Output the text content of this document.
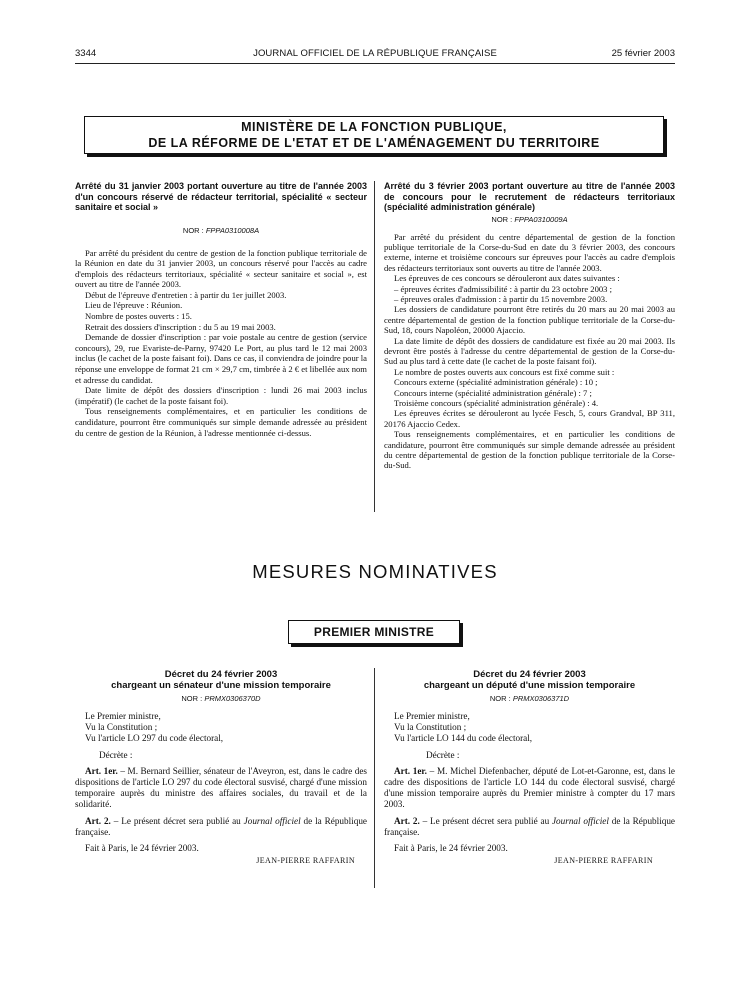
3344	JOURNAL OFFICIEL DE LA RÉPUBLIQUE FRANÇAISE	25 février 2003
MINISTÈRE DE LA FONCTION PUBLIQUE,
DE LA RÉFORME DE L'ETAT ET DE L'AMÉNAGEMENT DU TERRITOIRE
Arrêté du 31 janvier 2003 portant ouverture au titre de l'année 2003 d'un concours réservé de rédacteur territorial, spécialité « secteur sanitaire et social »
NOR : FPPA0310008A

Par arrêté du président du centre de gestion de la fonction publique territoriale de la Réunion en date du 31 janvier 2003, un concours réservé pour l'accès au cadre d'emplois des rédacteurs territoriaux, spécialité « secteur sanitaire et social », est ouvert au titre de l'année 2003.

Début de l'épreuve d'entretien : à partir du 1er juillet 2003.

Lieu de l'épreuve : Réunion.

Nombre de postes ouverts : 15.

Retrait des dossiers d'inscription : du 5 au 19 mai 2003.

Demande de dossier d'inscription : par voie postale au centre de gestion (service concours), 29, rue Evariste-de-Parny, 97420 Le Port, au plus tard le 12 mai 2003 inclus (le cachet de la poste faisant foi). Dans ce cas, il conviendra de joindre pour la réponse une enveloppe de format 21 cm × 29,7 cm, timbrée à 2 € et libellée aux nom et adresse du candidat.

Date limite de dépôt des dossiers d'inscription : lundi 26 mai 2003 inclus (impératif) (le cachet de la poste faisant foi).

Tous renseignements complémentaires, et en particulier les conditions de candidature, pourront être communiqués sur simple demande adressée au président du centre de gestion de la Réunion, à l'adresse mentionnée ci-dessus.

Arrêté du 3 février 2003 portant ouverture au titre de l'année 2003 de concours pour le recrutement de rédacteurs territoriaux (spécialité administration générale)
NOR : FPPA0310009A

Par arrêté du président du centre départemental de gestion de la fonction publique territoriale de la Corse-du-Sud en date du 3 février 2003, des concours externe, interne et troisième concours sur épreuves pour l'accès au cadre d'emplois des rédacteurs territoriaux sont ouverts au titre de l'année 2003.

Les épreuves de ces concours se dérouleront aux dates suivantes :

– épreuves écrites d'admissibilité : à partir du 23 octobre 2003 ;

– épreuves orales d'admission : à partir du 15 novembre 2003.

Les dossiers de candidature pourront être retirés du 20 mars au 20 mai 2003 au centre départemental de gestion de la fonction publique territoriale de la Corse-du-Sud, 18, cours Napoléon, 20000 Ajaccio.

La date limite de dépôt des dossiers de candidature est fixée au 20 mai 2003. Ils devront être postés à l'adresse du centre départemental de gestion de la Corse-du-Sud au plus tard à cette date (le cachet de la poste faisant foi).

Le nombre de postes ouverts aux concours est fixé comme suit :

Concours externe (spécialité administration générale) : 10 ;

Concours interne (spécialité administration générale) : 7 ;

Troisième concours (spécialité administration générale) : 4.

Les épreuves écrites se dérouleront au lycée Fesch, 5, cours Grandval, BP 311, 20176 Ajaccio Cedex.

Tous renseignements complémentaires, et en particulier les conditions de candidature, pourront être communiqués sur simple demande adressée au président du centre départemental de gestion de la fonction publique territoriale de la Corse-du-Sud.

MESURES NOMINATIVES
PREMIER MINISTRE
Décret du 24 février 2003
chargeant un sénateur d'une mission temporaire
NOR : PRMX0306370D

Le Premier ministre,

Vu la Constitution ;

Vu l'article LO 297 du code électoral,

Décrète :

Art. 1er. – M. Bernard Seillier, sénateur de l'Aveyron, est, dans le cadre des dispositions de l'article LO 297 du code électoral susvisé, chargé d'une mission temporaire auprès du ministre des affaires sociales, du travail et de la solidarité.

Art. 2. – Le présent décret sera publié au Journal officiel de la République française.

Fait à Paris, le 24 février 2003.

JEAN-PIERRE RAFFARIN
Décret du 24 février 2003
chargeant un député d'une mission temporaire
NOR : PRMX0306371D

Le Premier ministre,

Vu la Constitution ;

Vu l'article LO 144 du code électoral,

Décrète :

Art. 1er. – M. Michel Diefenbacher, député de Lot-et-Garonne, est, dans le cadre des dispositions de l'article LO 144 du code électoral susvisé, chargé d'une mission temporaire auprès du Premier ministre à compter du 17 mars 2003.

Art. 2. – Le présent décret sera publié au Journal officiel de la République française.

Fait à Paris, le 24 février 2003.

JEAN-PIERRE RAFFARIN
